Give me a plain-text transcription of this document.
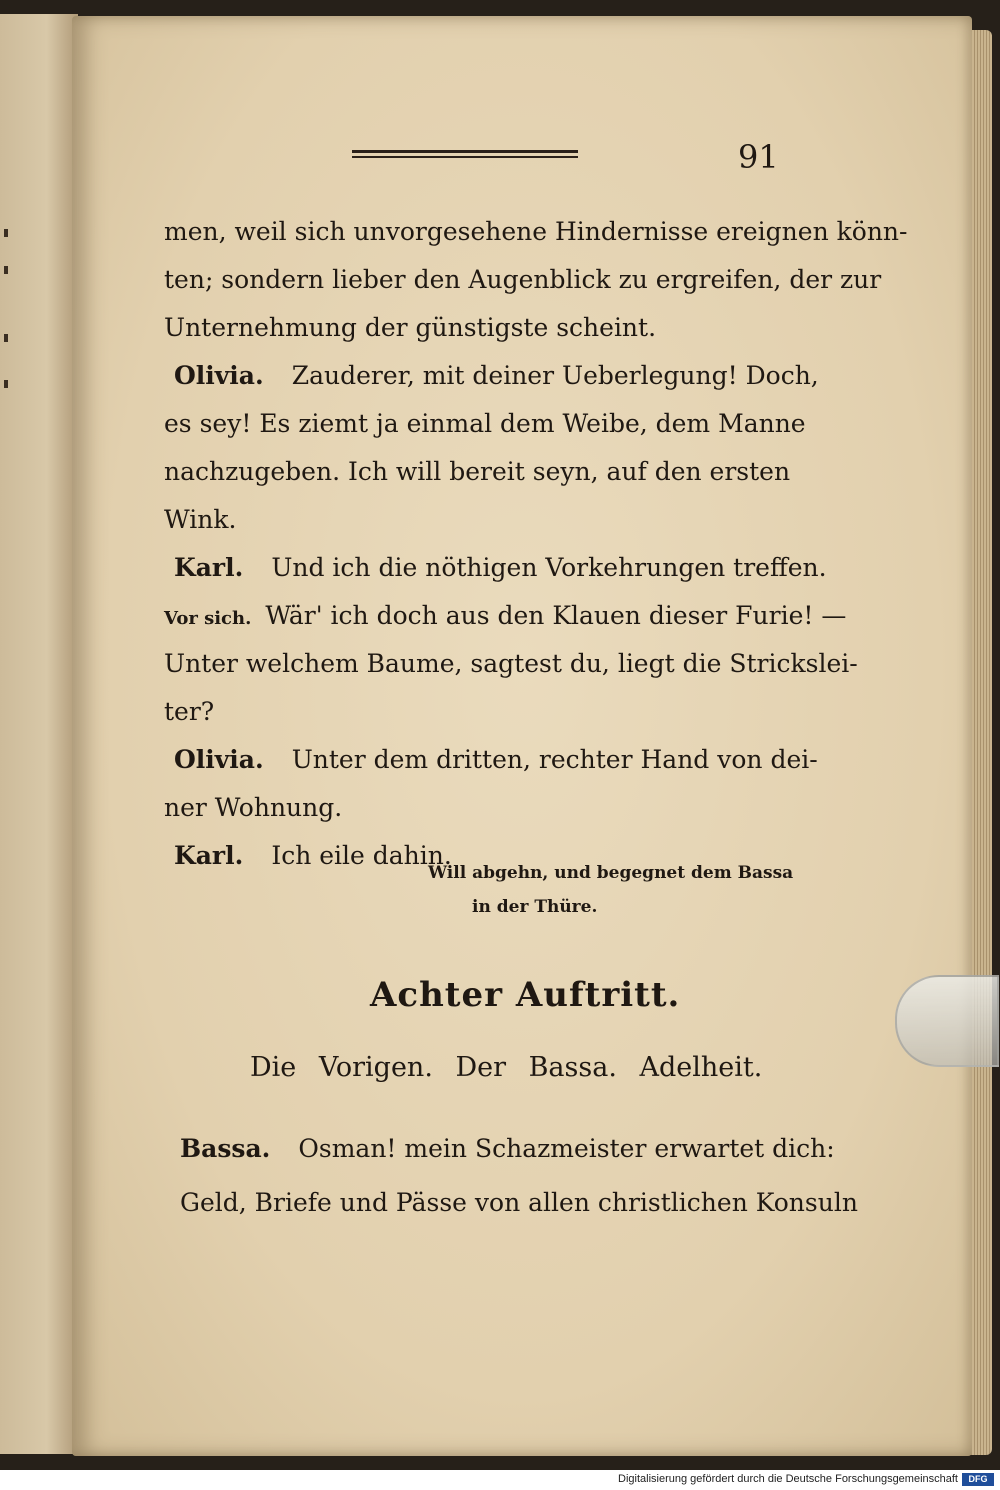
91
men, weil sich unvorgesehene Hindernisse ereignen könn-
ten; sondern lieber den Augenblick zu ergreifen, der zur
Unternehmung der günstigste scheint.
Olivia. Zauderer, mit deiner Ueberlegung! Doch,
es sey! Es ziemt ja einmal dem Weibe, dem Manne
nachzugeben. Ich will bereit seyn, auf den ersten
Wink.
Karl. Und ich die nöthigen Vorkehrungen treffen.
Vor sich. Wär' ich doch aus den Klauen dieser Furie! —
Unter welchem Baume, sagtest du, liegt die Strickslei-
ter?
Olivia. Unter dem dritten, rechter Hand von dei-
ner Wohnung.
Karl. Ich eile dahin.
Will abgehn, und begegnet dem Bassa
in der Thüre.
Achter Auftritt.
Die Vorigen. Der Bassa. Adelheit.
Bassa. Osman! mein Schazmeister erwartet dich:
Geld, Briefe und Pässe von allen christlichen Konsuln
Digitalisierung gefördert durch die Deutsche Forschungsgemeinschaft	DFG
